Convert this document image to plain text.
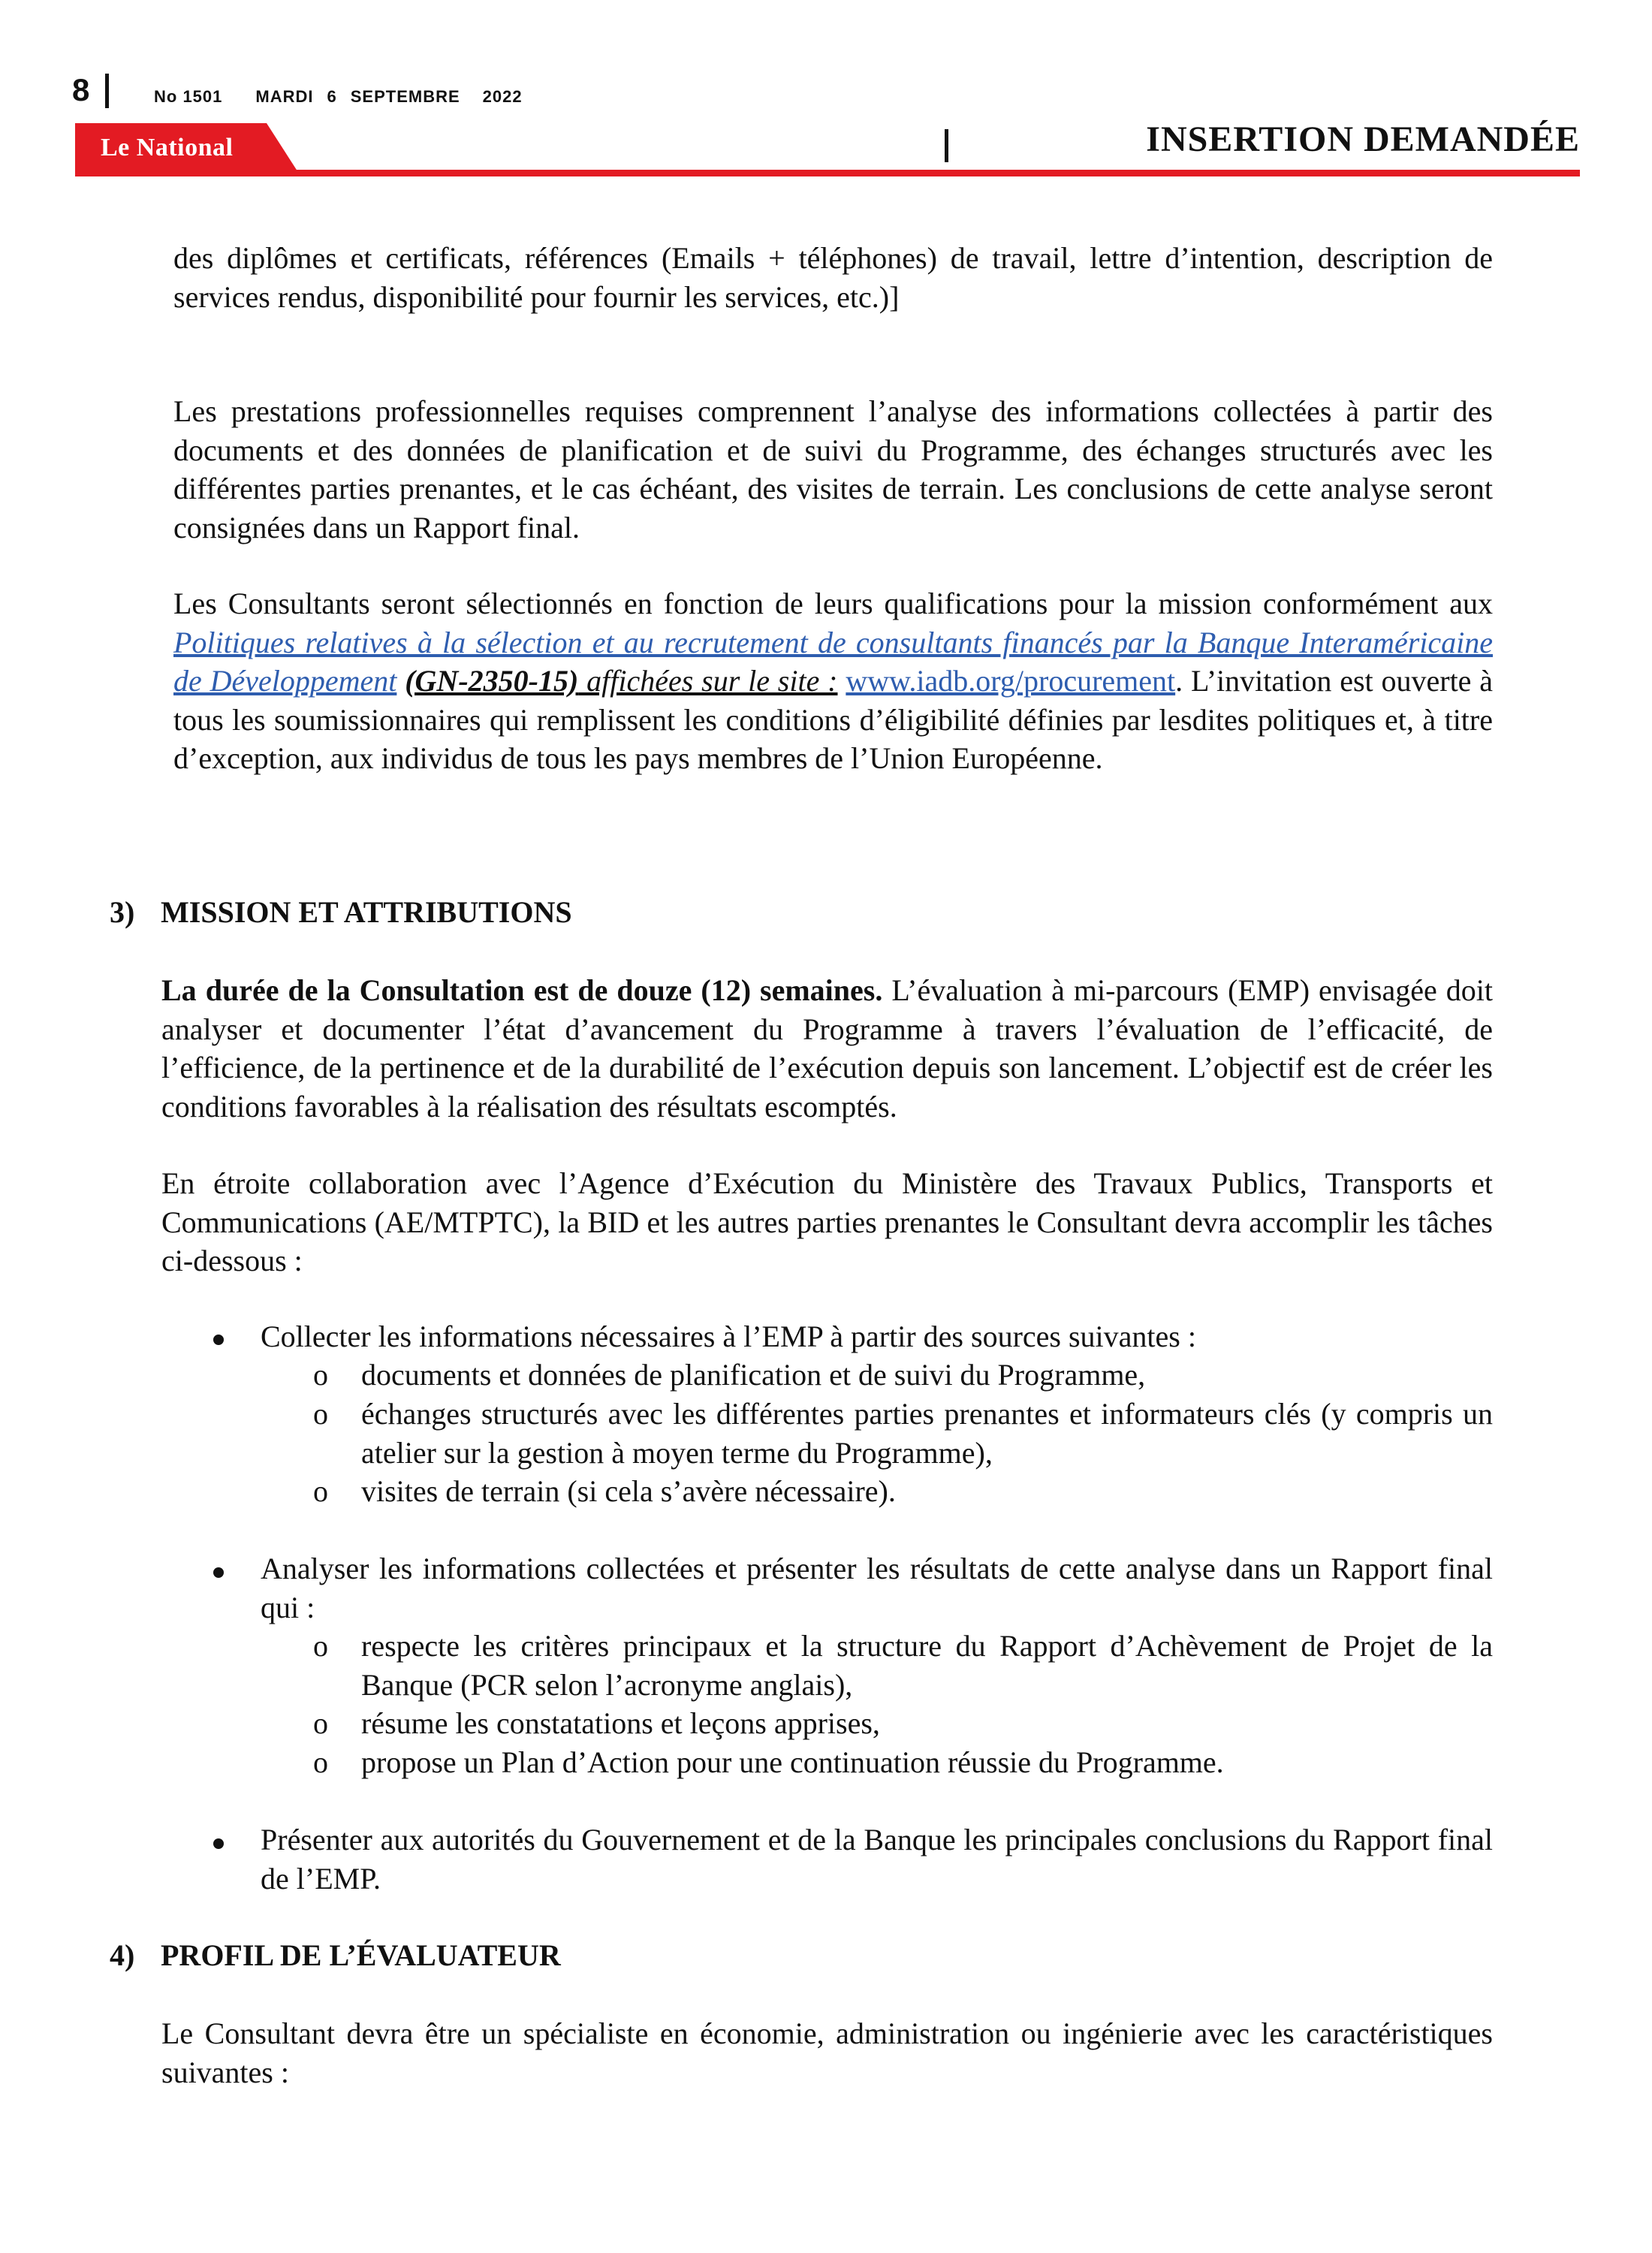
8	No 1501 MARDI 6 SEPTEMBRE 2022
Le National	INSERTION DEMANDÉE

des diplômes et certificats, références (Emails + téléphones) de travail, lettre d’intention, description de services rendus, disponibilité pour fournir les services, etc.)]

Les prestations professionnelles requises comprennent l’analyse des informations collectées à partir des documents et des données de planification et de suivi du Programme, des échanges structurés avec les différentes parties prenantes, et le cas échéant, des visites de terrain. Les conclusions de cette analyse seront consignées dans un Rapport final.

Les Consultants seront sélectionnés en fonction de leurs qualifications pour la mission conformément aux Politiques relatives à la sélection et au recrutement de consultants financés par la Banque Interaméricaine de Développement (GN-2350-15) affichées sur le site : www.iadb.org/procurement. L’invitation est ouverte à tous les soumissionnaires qui remplissent les conditions d’éligibilité définies par lesdites politiques et, à titre d’exception, aux individus de tous les pays membres de l’Union Européenne.

3) MISSION ET ATTRIBUTIONS

La durée de la Consultation est de douze (12) semaines. L’évaluation à mi-parcours (EMP) envisagée doit analyser et documenter l’état d’avancement du Programme à travers l’évaluation de l’efficacité, de l’efficience, de la pertinence et de la durabilité de l’exécution depuis son lancement. L’objectif est de créer les conditions favorables à la réalisation des résultats escomptés.

En étroite collaboration avec l’Agence d’Exécution du Ministère des Travaux Publics, Transports et Communications (AE/MTPTC), la BID et les autres parties prenantes le Consultant devra accomplir les tâches ci-dessous :

Collecter les informations nécessaires à l’EMP à partir des sources suivantes :

o documents et données de planification et de suivi du Programme,

o échanges structurés avec les différentes parties prenantes et informateurs clés (y compris un atelier sur la gestion à moyen terme du Programme),

o visites de terrain (si cela s’avère nécessaire).

Analyser les informations collectées et présenter les résultats de cette analyse dans un Rapport final qui :

o respecte les critères principaux et la structure du Rapport d’Achèvement de Projet de la Banque (PCR selon l’acronyme anglais),

o résume les constatations et leçons apprises,

o propose un Plan d’Action pour une continuation réussie du Programme.

Présenter aux autorités du Gouvernement et de la Banque les principales conclusions du Rapport final de l’EMP.

4) PROFIL DE L’ÉVALUATEUR

Le Consultant devra être un spécialiste en économie, administration ou ingénierie avec les caractéristiques suivantes :
